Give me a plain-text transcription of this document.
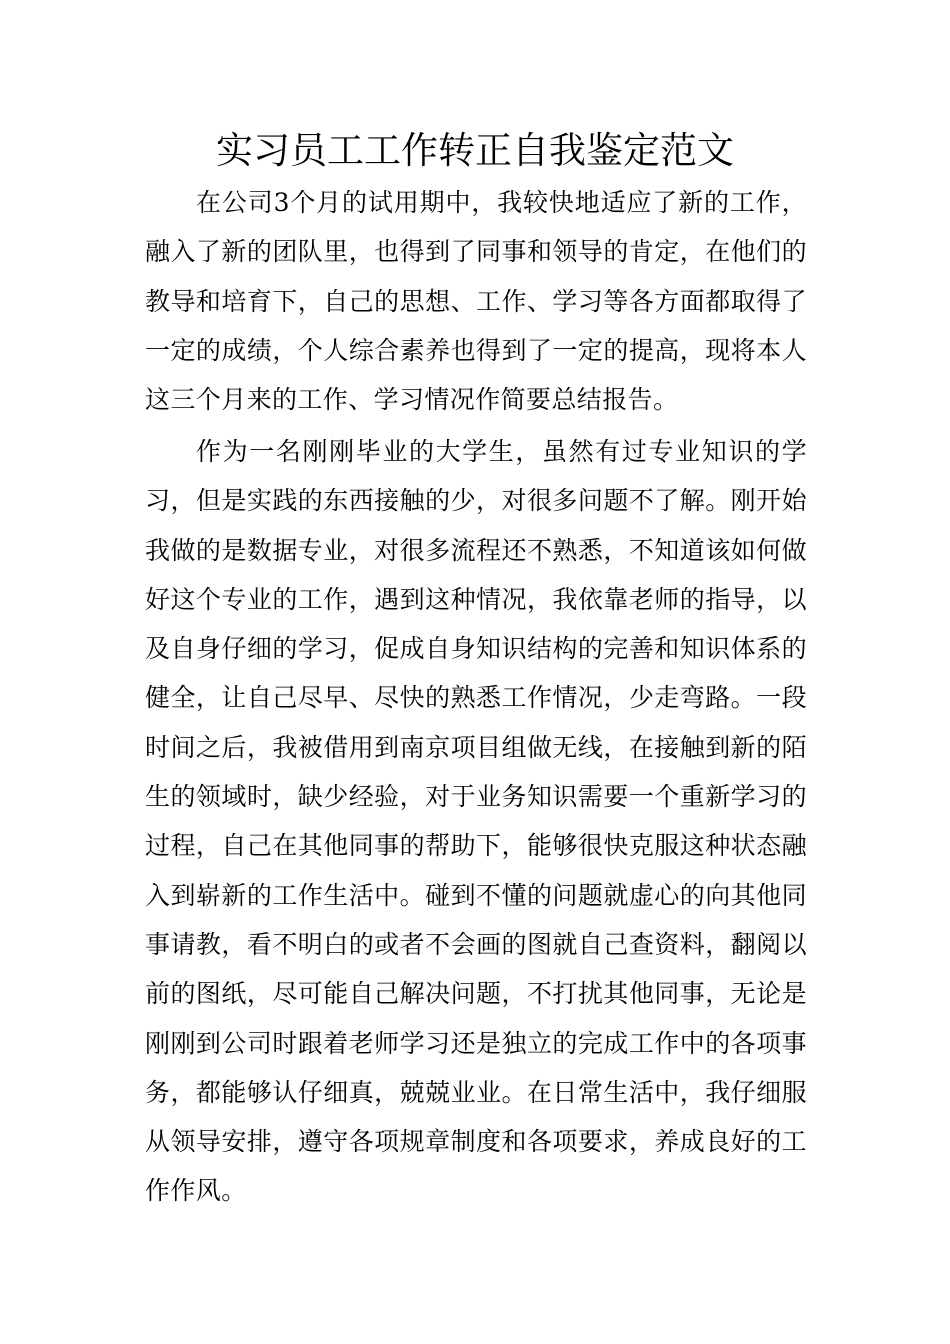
实习员工工作转正自我鉴定范文

在公司3个月的试用期中，我较快地适应了新的工作，融入了新的团队里，也得到了同事和领导的肯定，在他们的教导和培育下，自己的思想、工作、学习等各方面都取得了一定的成绩，个人综合素养也得到了一定的提高，现将本人这三个月来的工作、学习情况作简要总结报告。

作为一名刚刚毕业的大学生，虽然有过专业知识的学习，但是实践的东西接触的少，对很多问题不了解。刚开始我做的是数据专业，对很多流程还不熟悉，不知道该如何做好这个专业的工作，遇到这种情况，我依靠老师的指导，以及自身仔细的学习，促成自身知识结构的完善和知识体系的健全，让自己尽早、尽快的熟悉工作情况，少走弯路。一段时间之后，我被借用到南京项目组做无线，在接触到新的陌生的领域时，缺少经验，对于业务知识需要一个重新学习的过程，自己在其他同事的帮助下，能够很快克服这种状态融入到崭新的工作生活中。碰到不懂的问题就虚心的向其他同事请教，看不明白的或者不会画的图就自己查资料，翻阅以前的图纸，尽可能自己解决问题，不打扰其他同事，无论是刚刚到公司时跟着老师学习还是独立的完成工作中的各项事务，都能够认仔细真，兢兢业业。在日常生活中，我仔细服从领导安排，遵守各项规章制度和各项要求，养成良好的工作作风。
